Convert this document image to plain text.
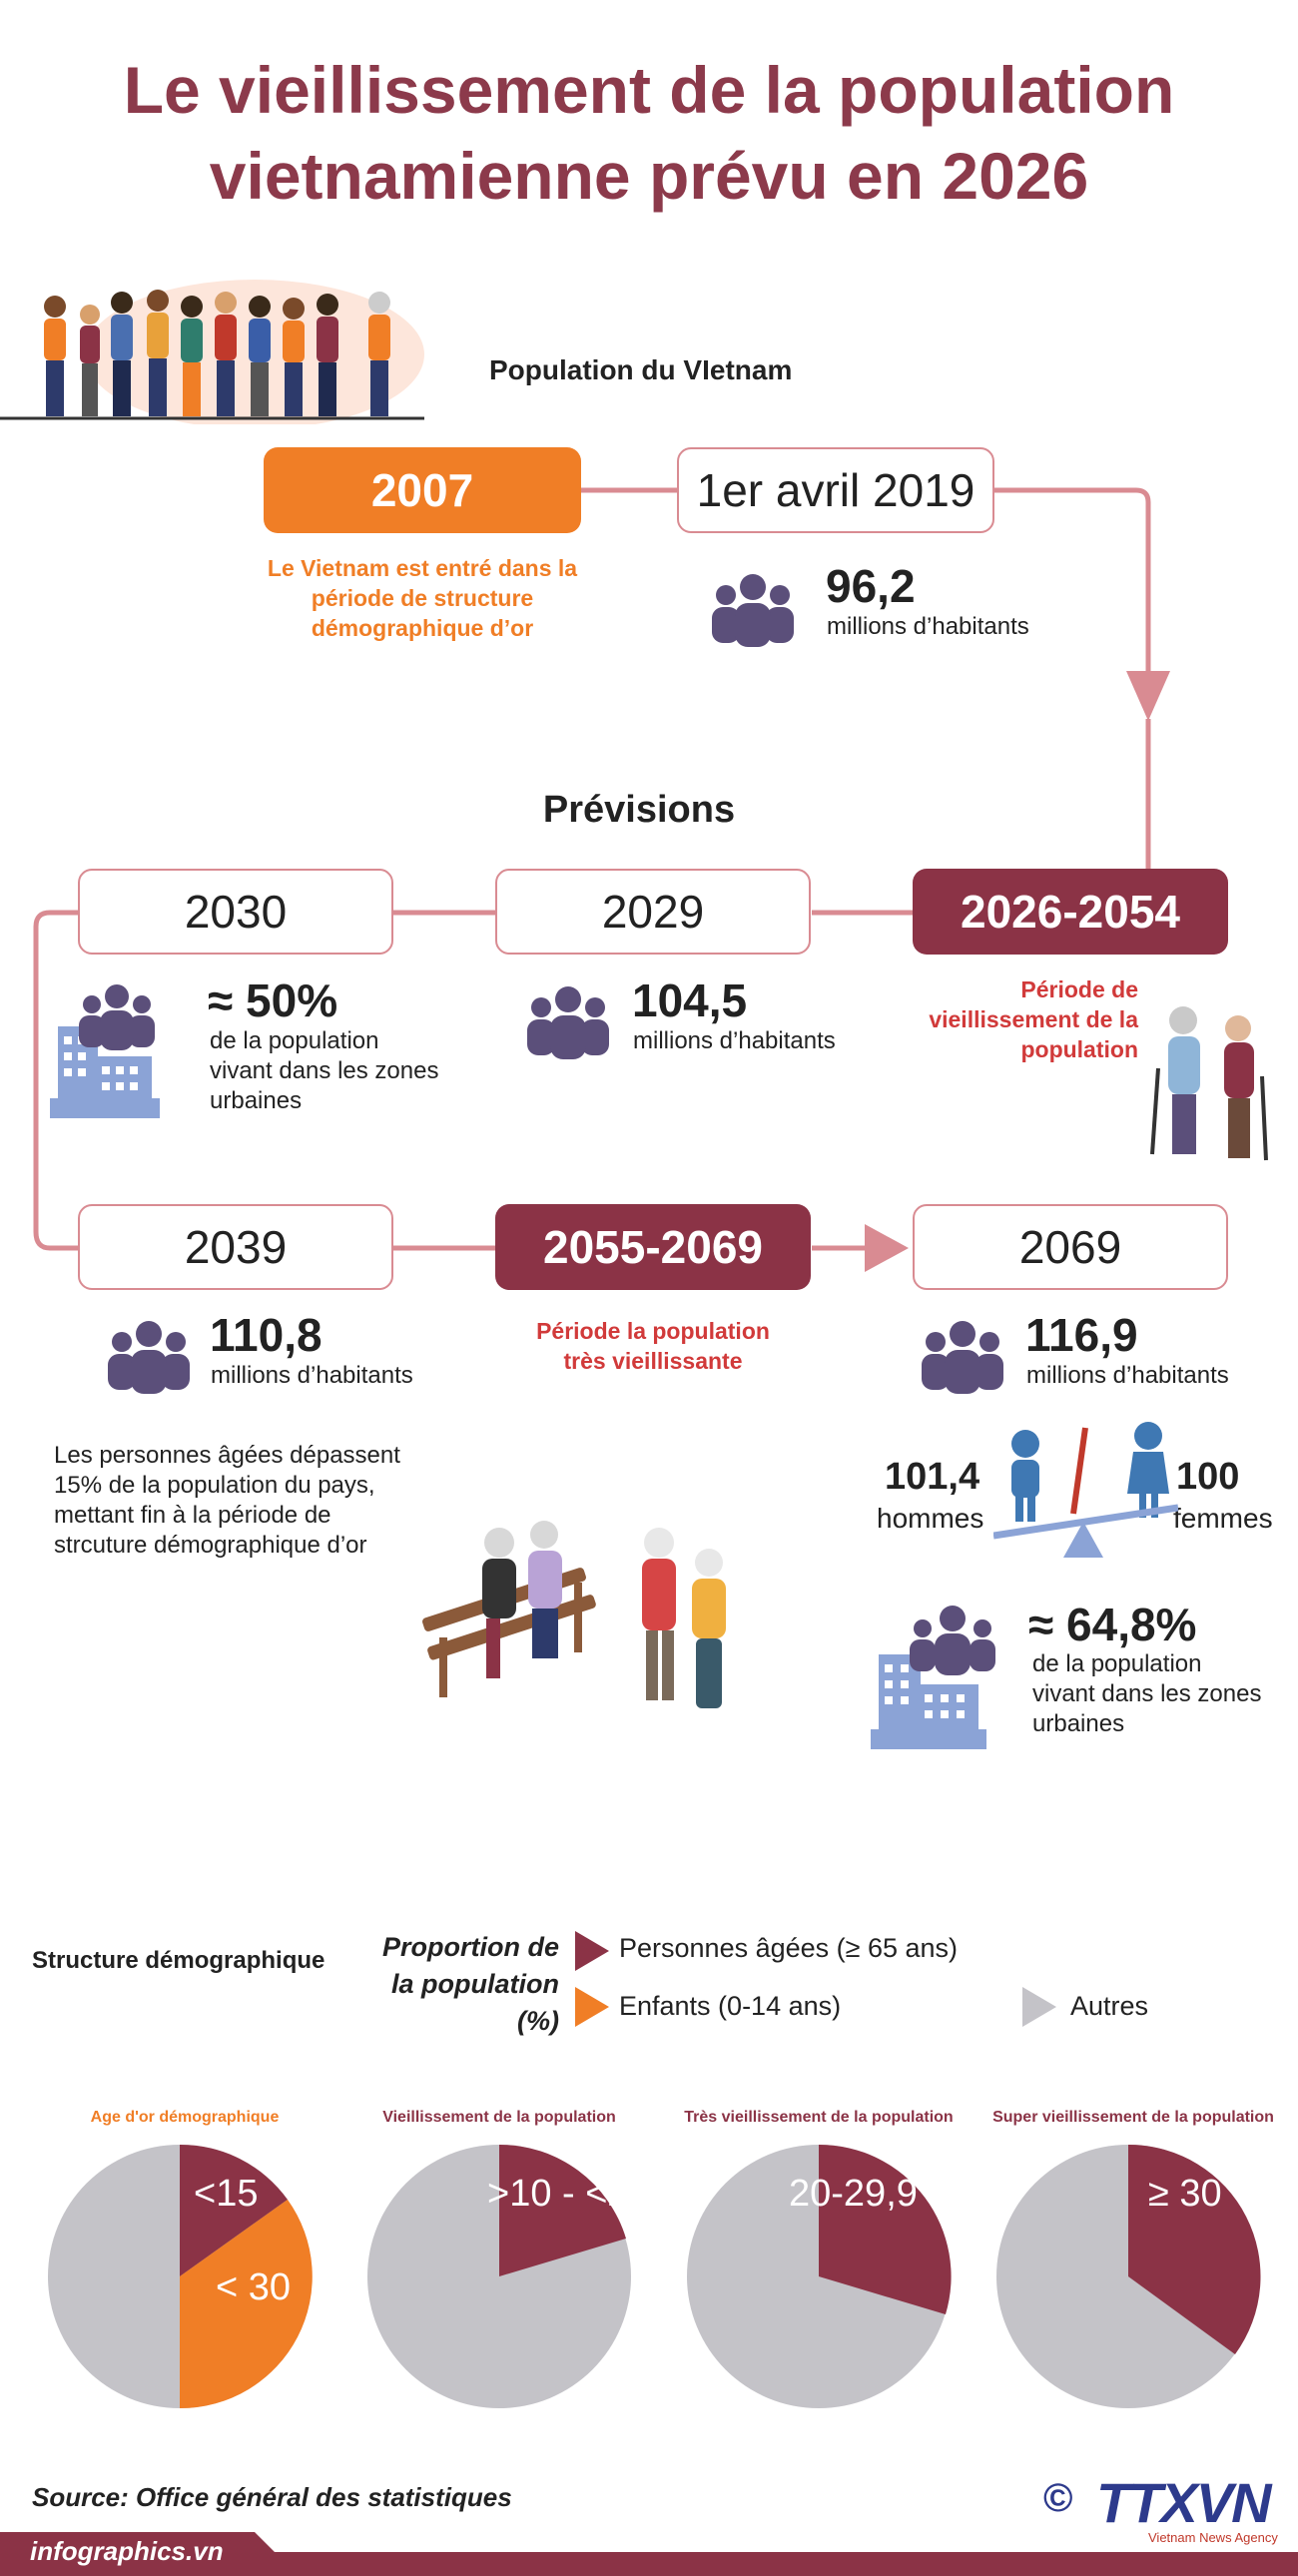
Le vieillissement de la population
vietnamienne prévu en 2026
Population du VIetnam
2007
Le Vietnam est entré dans la
période de structure
démographique d’or
1er avril 2019
96,2
millions d’habitants
Prévisions
2030	2029	2026-2054
≈ 50%
de la population
vivant dans les zones
urbaines
104,5
millions d’habitants
Période de
vieillissement de la
population
2039	2055-2069	2069
110,8
millions d’habitants
Les personnes âgées dépassent
15% de la population du pays,
mettant fin à la période de
strcuture démographique d’or
Période la population
très vieillissante	116,9
millions d’habitants
101,4
hommes
100
femmes
≈ 64,8%
de la population
vivant dans les zones
urbaines
Structure démographique	Proportion de
la population
(%)
Personnes âgées (≥ 65 ans)
Enfants (0-14 ans)	Autres
Age d'or démographique	Vieillissement de la population	Très vieillissement de la population	Super vieillissement de la population
<15
< 30
>10 - <20	20-29,9	≥ 30
Source: Office général des statistiques	© TTXVN
Vietnam News Agency
infographics.vn
